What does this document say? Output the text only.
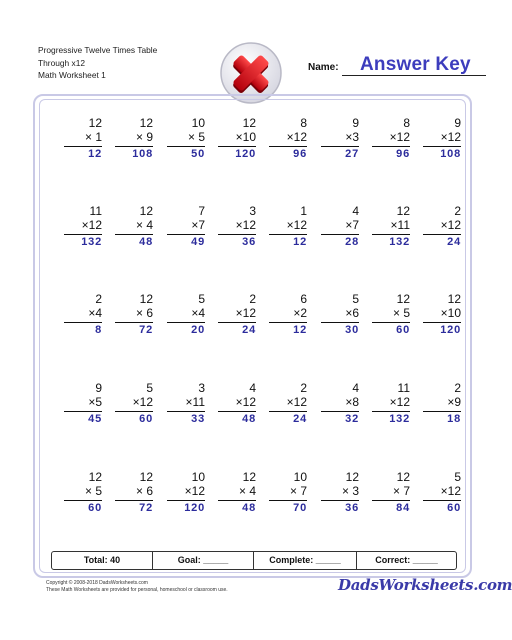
Progressive Twelve Times Table
Through x12
Math Worksheet 1
Name: Answer Key
12
× 1
12
12
× 9
108
10
× 5
50
12
×10
120
8
×12
96
9
×3
27
8
×12
96
9
×12
108
11
×12
132
12
× 4
48
7
×7
49
3
×12
36
1
×12
12
4
×7
28
12
×11
132
2
×12
24
2
×4
8
12
× 6
72
5
×4
20
2
×12
24
6
×2
12
5
×6
30
12
× 5
60
12
×10
120
9
×5
45
5
×12
60
3
×11
33
4
×12
48
2
×12
24
4
×8
32
11
×12
132
2
×9
18
12
× 5
60
12
× 6
72
10
×12
120
12
× 4
48
10
× 7
70
12
× 3
36
12
× 7
84
5
×12
60
Total: 40	Goal: _____	Complete: _____	Correct: _____
Copyright © 2008-2018 DadsWorksheets.com
These Math Worksheets are provided for personal, homeschool or classroom use.	DadsWorksheets.com
